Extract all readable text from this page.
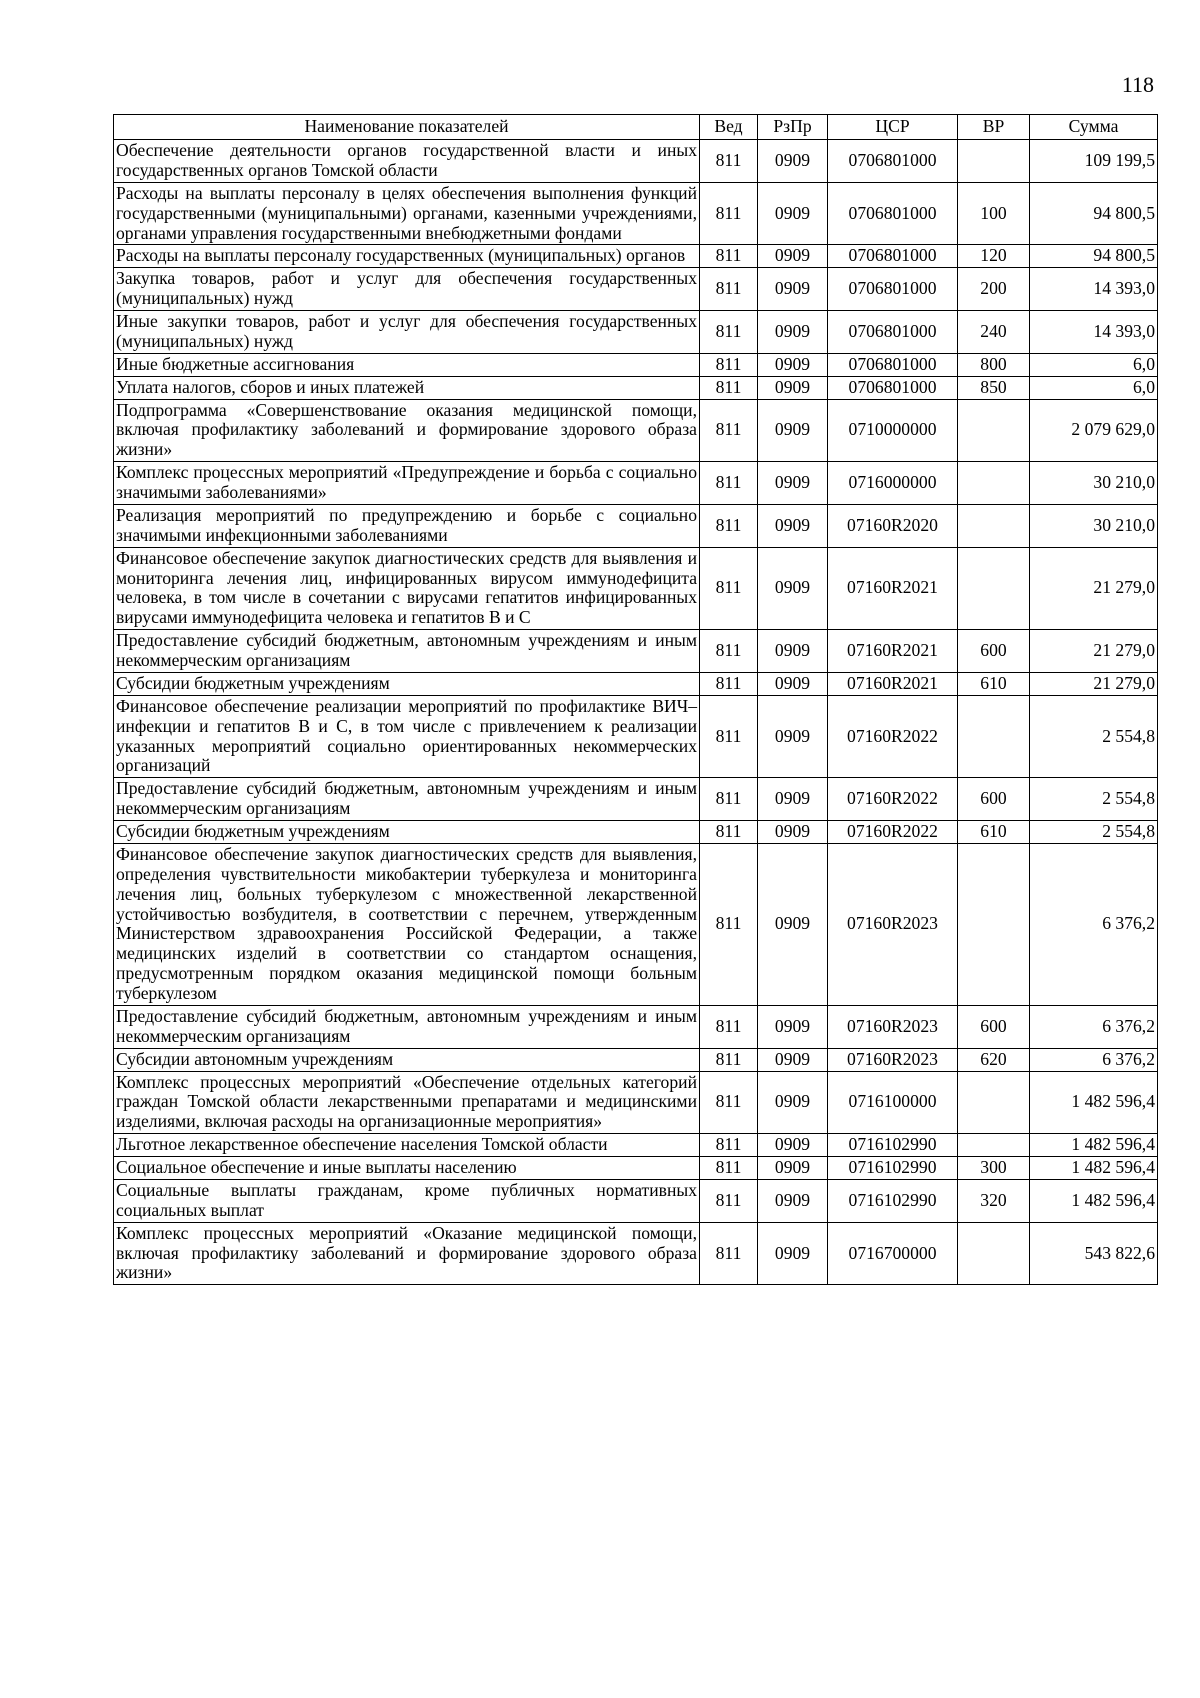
118
Наименование показателей	Вед	РзПр	ЦСР	ВР	Сумма
Обеспечение деятельности органов государственной власти и иных государственных органов Томской области	811	0909	0706801000		109 199,5
Расходы на выплаты персоналу в целях обеспечения выполнения функций государственными (муниципальными) органами, казенными учреждениями, органами управления государственными внебюджетными фондами	811	0909	0706801000	100	94 800,5
Расходы на выплаты персоналу государственных (муниципальных) органов	811	0909	0706801000	120	94 800,5
Закупка товаров, работ и услуг для обеспечения государственных (муниципальных) нужд	811	0909	0706801000	200	14 393,0
Иные закупки товаров, работ и услуг для обеспечения государственных (муниципальных) нужд	811	0909	0706801000	240	14 393,0
Иные бюджетные ассигнования	811	0909	0706801000	800	6,0
Уплата налогов, сборов и иных платежей	811	0909	0706801000	850	6,0
Подпрограмма «Совершенствование оказания медицинской помощи, включая профилактику заболеваний и формирование здорового образа жизни»	811	0909	0710000000		2 079 629,0
Комплекс процессных мероприятий «Предупреждение и борьба с социально значимыми заболеваниями»	811	0909	0716000000		30 210,0
Реализация мероприятий по предупреждению и борьбе с социально значимыми инфекционными заболеваниями	811	0909	07160R2020		30 210,0
Финансовое обеспечение закупок диагностических средств для выявления и мониторинга лечения лиц, инфицированных вирусом иммунодефицита человека, в том числе в сочетании с вирусами гепатитов инфицированных вирусами иммунодефицита человека и гепатитов B и C	811	0909	07160R2021		21 279,0
Предоставление субсидий бюджетным, автономным учреждениям и иным некоммерческим организациям	811	0909	07160R2021	600	21 279,0
Субсидии бюджетным учреждениям	811	0909	07160R2021	610	21 279,0
Финансовое обеспечение реализации мероприятий по профилактике ВИЧ–инфекции и гепатитов B и C, в том числе с привлечением к реализации указанных мероприятий социально ориентированных некоммерческих организаций	811	0909	07160R2022		2 554,8
Предоставление субсидий бюджетным, автономным учреждениям и иным некоммерческим организациям	811	0909	07160R2022	600	2 554,8
Субсидии бюджетным учреждениям	811	0909	07160R2022	610	2 554,8
Финансовое обеспечение закупок диагностических средств для выявления, определения чувствительности микобактерии туберкулеза и мониторинга лечения лиц, больных туберкулезом с множественной лекарственной устойчивостью возбудителя, в соответствии с перечнем, утвержденным Министерством здравоохранения Российской Федерации, а также медицинских изделий в соответствии со стандартом оснащения, предусмотренным порядком оказания медицинской помощи больным туберкулезом	811	0909	07160R2023		6 376,2
Предоставление субсидий бюджетным, автономным учреждениям и иным некоммерческим организациям	811	0909	07160R2023	600	6 376,2
Субсидии автономным учреждениям	811	0909	07160R2023	620	6 376,2
Комплекс процессных мероприятий «Обеспечение отдельных категорий граждан Томской области лекарственными препаратами и медицинскими изделиями, включая расходы на организационные мероприятия»	811	0909	0716100000		1 482 596,4
Льготное лекарственное обеспечение населения Томской области	811	0909	0716102990		1 482 596,4
Социальное обеспечение и иные выплаты населению	811	0909	0716102990	300	1 482 596,4
Социальные выплаты гражданам, кроме публичных нормативных социальных выплат	811	0909	0716102990	320	1 482 596,4
Комплекс процессных мероприятий «Оказание медицинской помощи, включая профилактику заболеваний и формирование здорового образа жизни»	811	0909	0716700000		543 822,6
